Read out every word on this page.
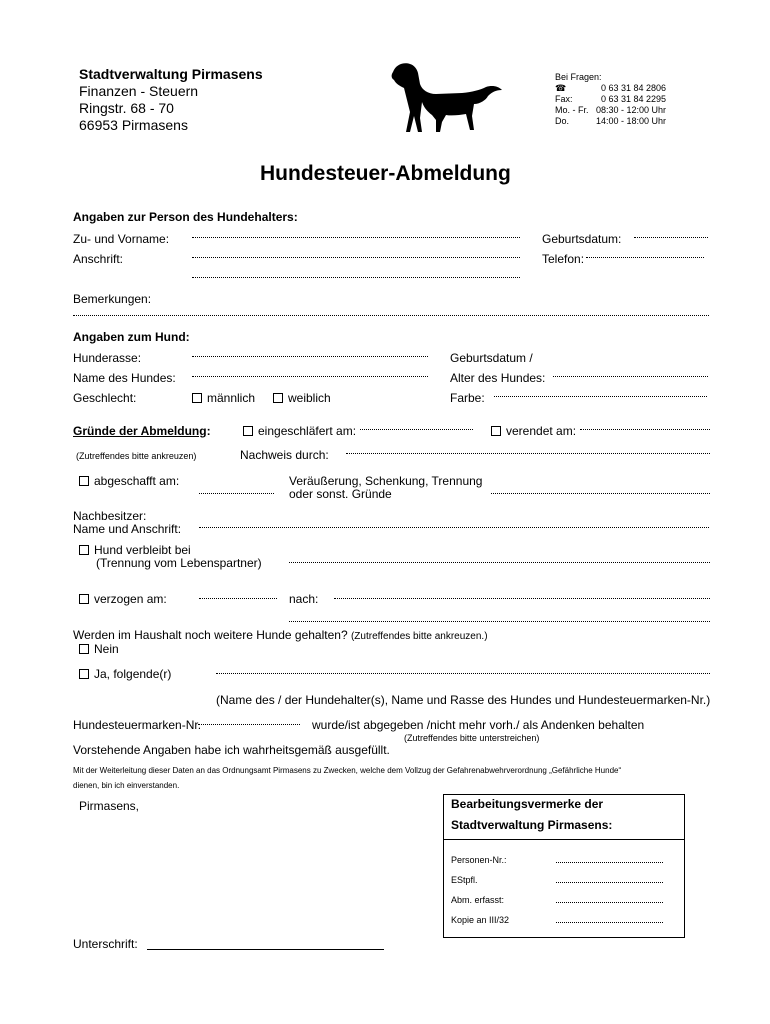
Stadtverwaltung Pirmasens
Finanzen - Steuern
Ringstr. 68 - 70
66953 Pirmasens
Bei Fragen:
☎	0 63 31 84 2806
Fax:	0 63 31 84 2295
Mo. - Fr. 08:30 - 12:00 Uhr
Do.	14:00 - 18:00 Uhr
Hundesteuer-Abmeldung
Angaben zur Person des Hundehalters:
Zu- und Vorname:	Geburtsdatum:
Anschrift:	Telefon:
Bemerkungen:
Angaben zum Hund:
Hunderasse:	Geburtsdatum /
Name des Hundes:	Alter des Hundes:
Geschlecht:	männlich	weiblich	Farbe:
Gründe der Abmeldung:	eingeschläfert am:	verendet am:
(Zutreffendes bitte ankreuzen)	Nachweis durch:
abgeschafft am:	Veräußerung, Schenkung, Trennung
oder sonst. Gründe
Nachbesitzer:
Name und Anschrift:
Hund verbleibt bei
(Trennung vom Lebenspartner)
verzogen am:	nach:
Werden im Haushalt noch weitere Hunde gehalten? (Zutreffendes bitte ankreuzen.)
Nein
Ja, folgende(r)
(Name des / der Hundehalter(s), Name und Rasse des Hundes und Hundesteuermarken-Nr.)
Hundesteuermarken-Nr.	wurde/ist abgegeben /nicht mehr vorh./ als Andenken behalten
(Zutreffendes bitte unterstreichen)
Vorstehende Angaben habe ich wahrheitsgemäß ausgefüllt.
Mit der Weiterleitung dieser Daten an das Ordnungsamt Pirmasens zu Zwecken, welche dem Vollzug der Gefahrenabwehrverordnung „Gefährliche Hunde“
dienen, bin ich einverstanden.
Pirmasens,	Bearbeitungsvermerke der
Stadtverwaltung Pirmasens:
Personen-Nr.:
EStpfl.
Abm. erfasst:
Kopie an III/32
Unterschrift:
